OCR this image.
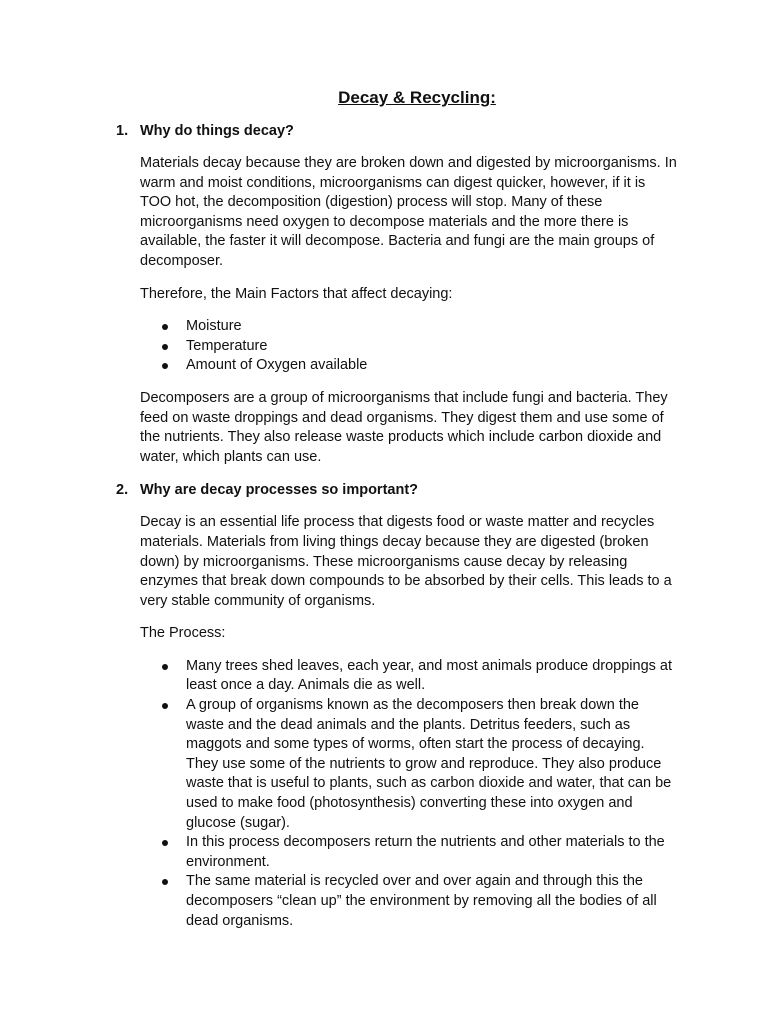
Decay & Recycling:
1. Why do things decay?

Materials decay because they are broken down and digested by microorganisms. In warm and moist conditions, microorganisms can digest quicker, however, if it is TOO hot, the decomposition (digestion) process will stop. Many of these microorganisms need oxygen to decompose materials and the more there is available, the faster it will decompose. Bacteria and fungi are the main groups of decomposer.

Therefore, the Main Factors that affect decaying:

Moisture
Temperature
Amount of Oxygen available

Decomposers are a group of microorganisms that include fungi and bacteria. They feed on waste droppings and dead organisms. They digest them and use some of the nutrients. They also release waste products which include carbon dioxide and water, which plants can use.

2. Why are decay processes so important?

Decay is an essential life process that digests food or waste matter and recycles materials. Materials from living things decay because they are digested (broken down) by microorganisms. These microorganisms cause decay by releasing enzymes that break down compounds to be absorbed by their cells. This leads to a very stable community of organisms.

The Process:

Many trees shed leaves, each year, and most animals produce droppings at least once a day. Animals die as well.
A group of organisms known as the decomposers then break down the waste and the dead animals and the plants. Detritus feeders, such as maggots and some types of worms, often start the process of decaying. They use some of the nutrients to grow and reproduce. They also produce waste that is useful to plants, such as carbon dioxide and water, that can be used to make food (photosynthesis) converting these into oxygen and glucose (sugar).
In this process decomposers return the nutrients and other materials to the environment.
The same material is recycled over and over again and through this the decomposers “clean up” the environment by removing all the bodies of all dead organisms.
